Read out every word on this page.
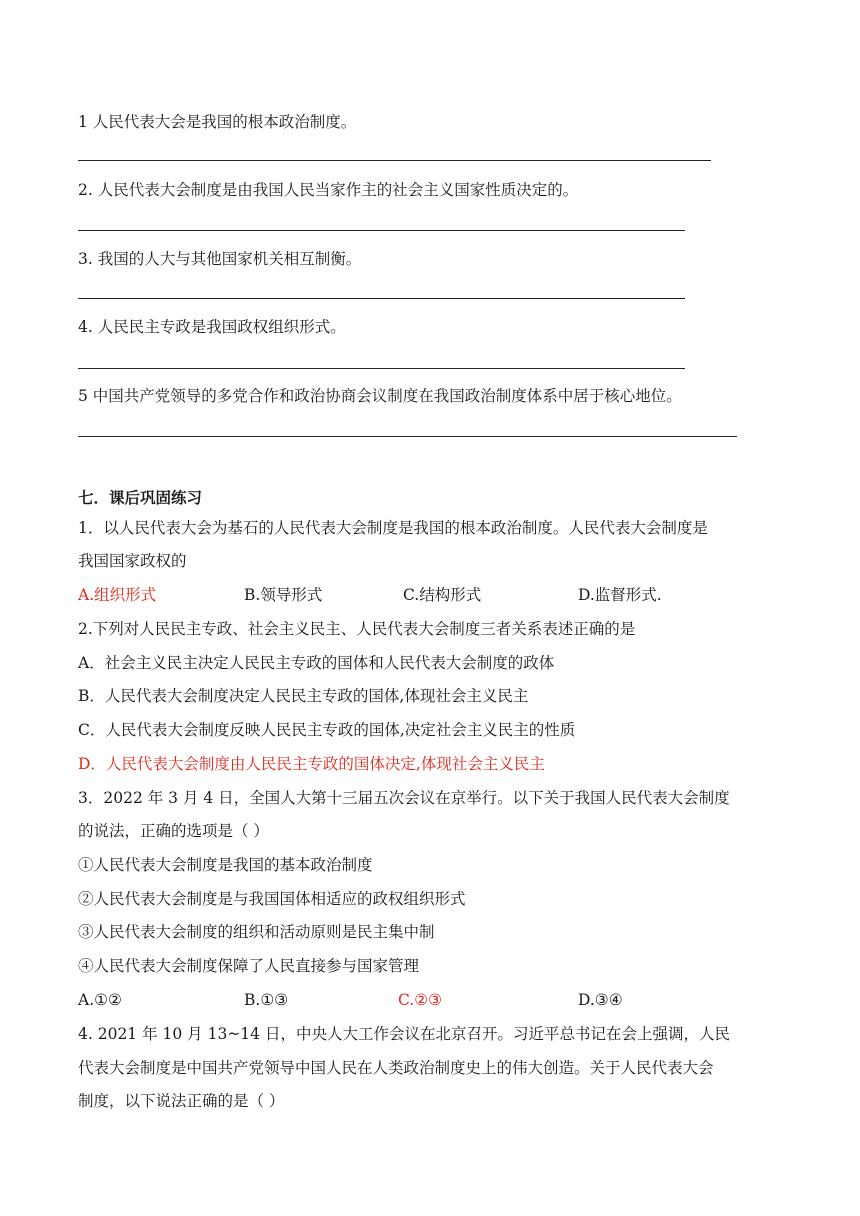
1 人民代表大会是我国的根本政治制度。
2. 人民代表大会制度是由我国人民当家作主的社会主义国家性质决定的。
3. 我国的人大与其他国家机关相互制衡。
4. 人民民主专政是我国政权组织形式。
5 中国共产党领导的多党合作和政治协商会议制度在我国政治制度体系中居于核心地位。
七．课后巩固练习
1．以人民代表大会为基石的人民代表大会制度是我国的根本政治制度。人民代表大会制度是
我国国家政权的
A.组织形式	B.领导形式	C.结构形式	D.监督形式.
2.下列对人民民主专政、社会主义民主、人民代表大会制度三者关系表述正确的是
A．社会主义民主决定人民民主专政的国体和人民代表大会制度的政体
B．人民代表大会制度决定人民民主专政的国体,体现社会主义民主
C．人民代表大会制度反映人民民主专政的国体,决定社会主义民主的性质
D．人民代表大会制度由人民民主专政的国体决定,体现社会主义民主
3．2022 年 3 月 4 日，全国人大第十三届五次会议在京举行。以下关于我国人民代表大会制度
的说法，正确的选项是（ ）
①人民代表大会制度是我国的基本政治制度
②人民代表大会制度是与我国国体相适应的政权组织形式
③人民代表大会制度的组织和活动原则是民主集中制
④人民代表大会制度保障了人民直接参与国家管理
A.①②	B.①③	C.②③	D.③④
4. 2021 年 10 月 13~14 日，中央人大工作会议在北京召开。习近平总书记在会上强调，人民
代表大会制度是中国共产党领导中国人民在人类政治制度史上的伟大创造。关于人民代表大会
制度，以下说法正确的是（ ）
